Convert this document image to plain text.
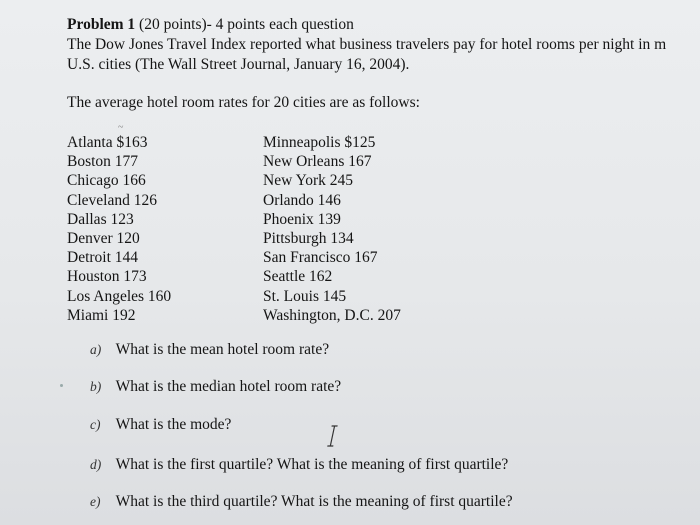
Problem 1 (20 points)- 4 points each question
The Dow Jones Travel Index reported what business travelers pay for hotel rooms per night in m
U.S. cities (The Wall Street Journal, January 16, 2004).
The average hotel room rates for 20 cities are as follows:
~
Atlanta $163
Boston 177
Chicago 166
Cleveland 126
Dallas 123
Denver 120
Detroit 144
Houston 173
Los Angeles 160
Miami 192
Minneapolis $125
New Orleans 167
New York 245
Orlando 146
Phoenix 139
Pittsburgh 134
San Francisco 167
Seattle 162
St. Louis 145
Washington, D.C. 207
a) What is the mean hotel room rate?
b) What is the median hotel room rate?
c) What is the mode?
d) What is the first quartile? What is the meaning of first quartile?
e) What is the third quartile? What is the meaning of first quartile?
